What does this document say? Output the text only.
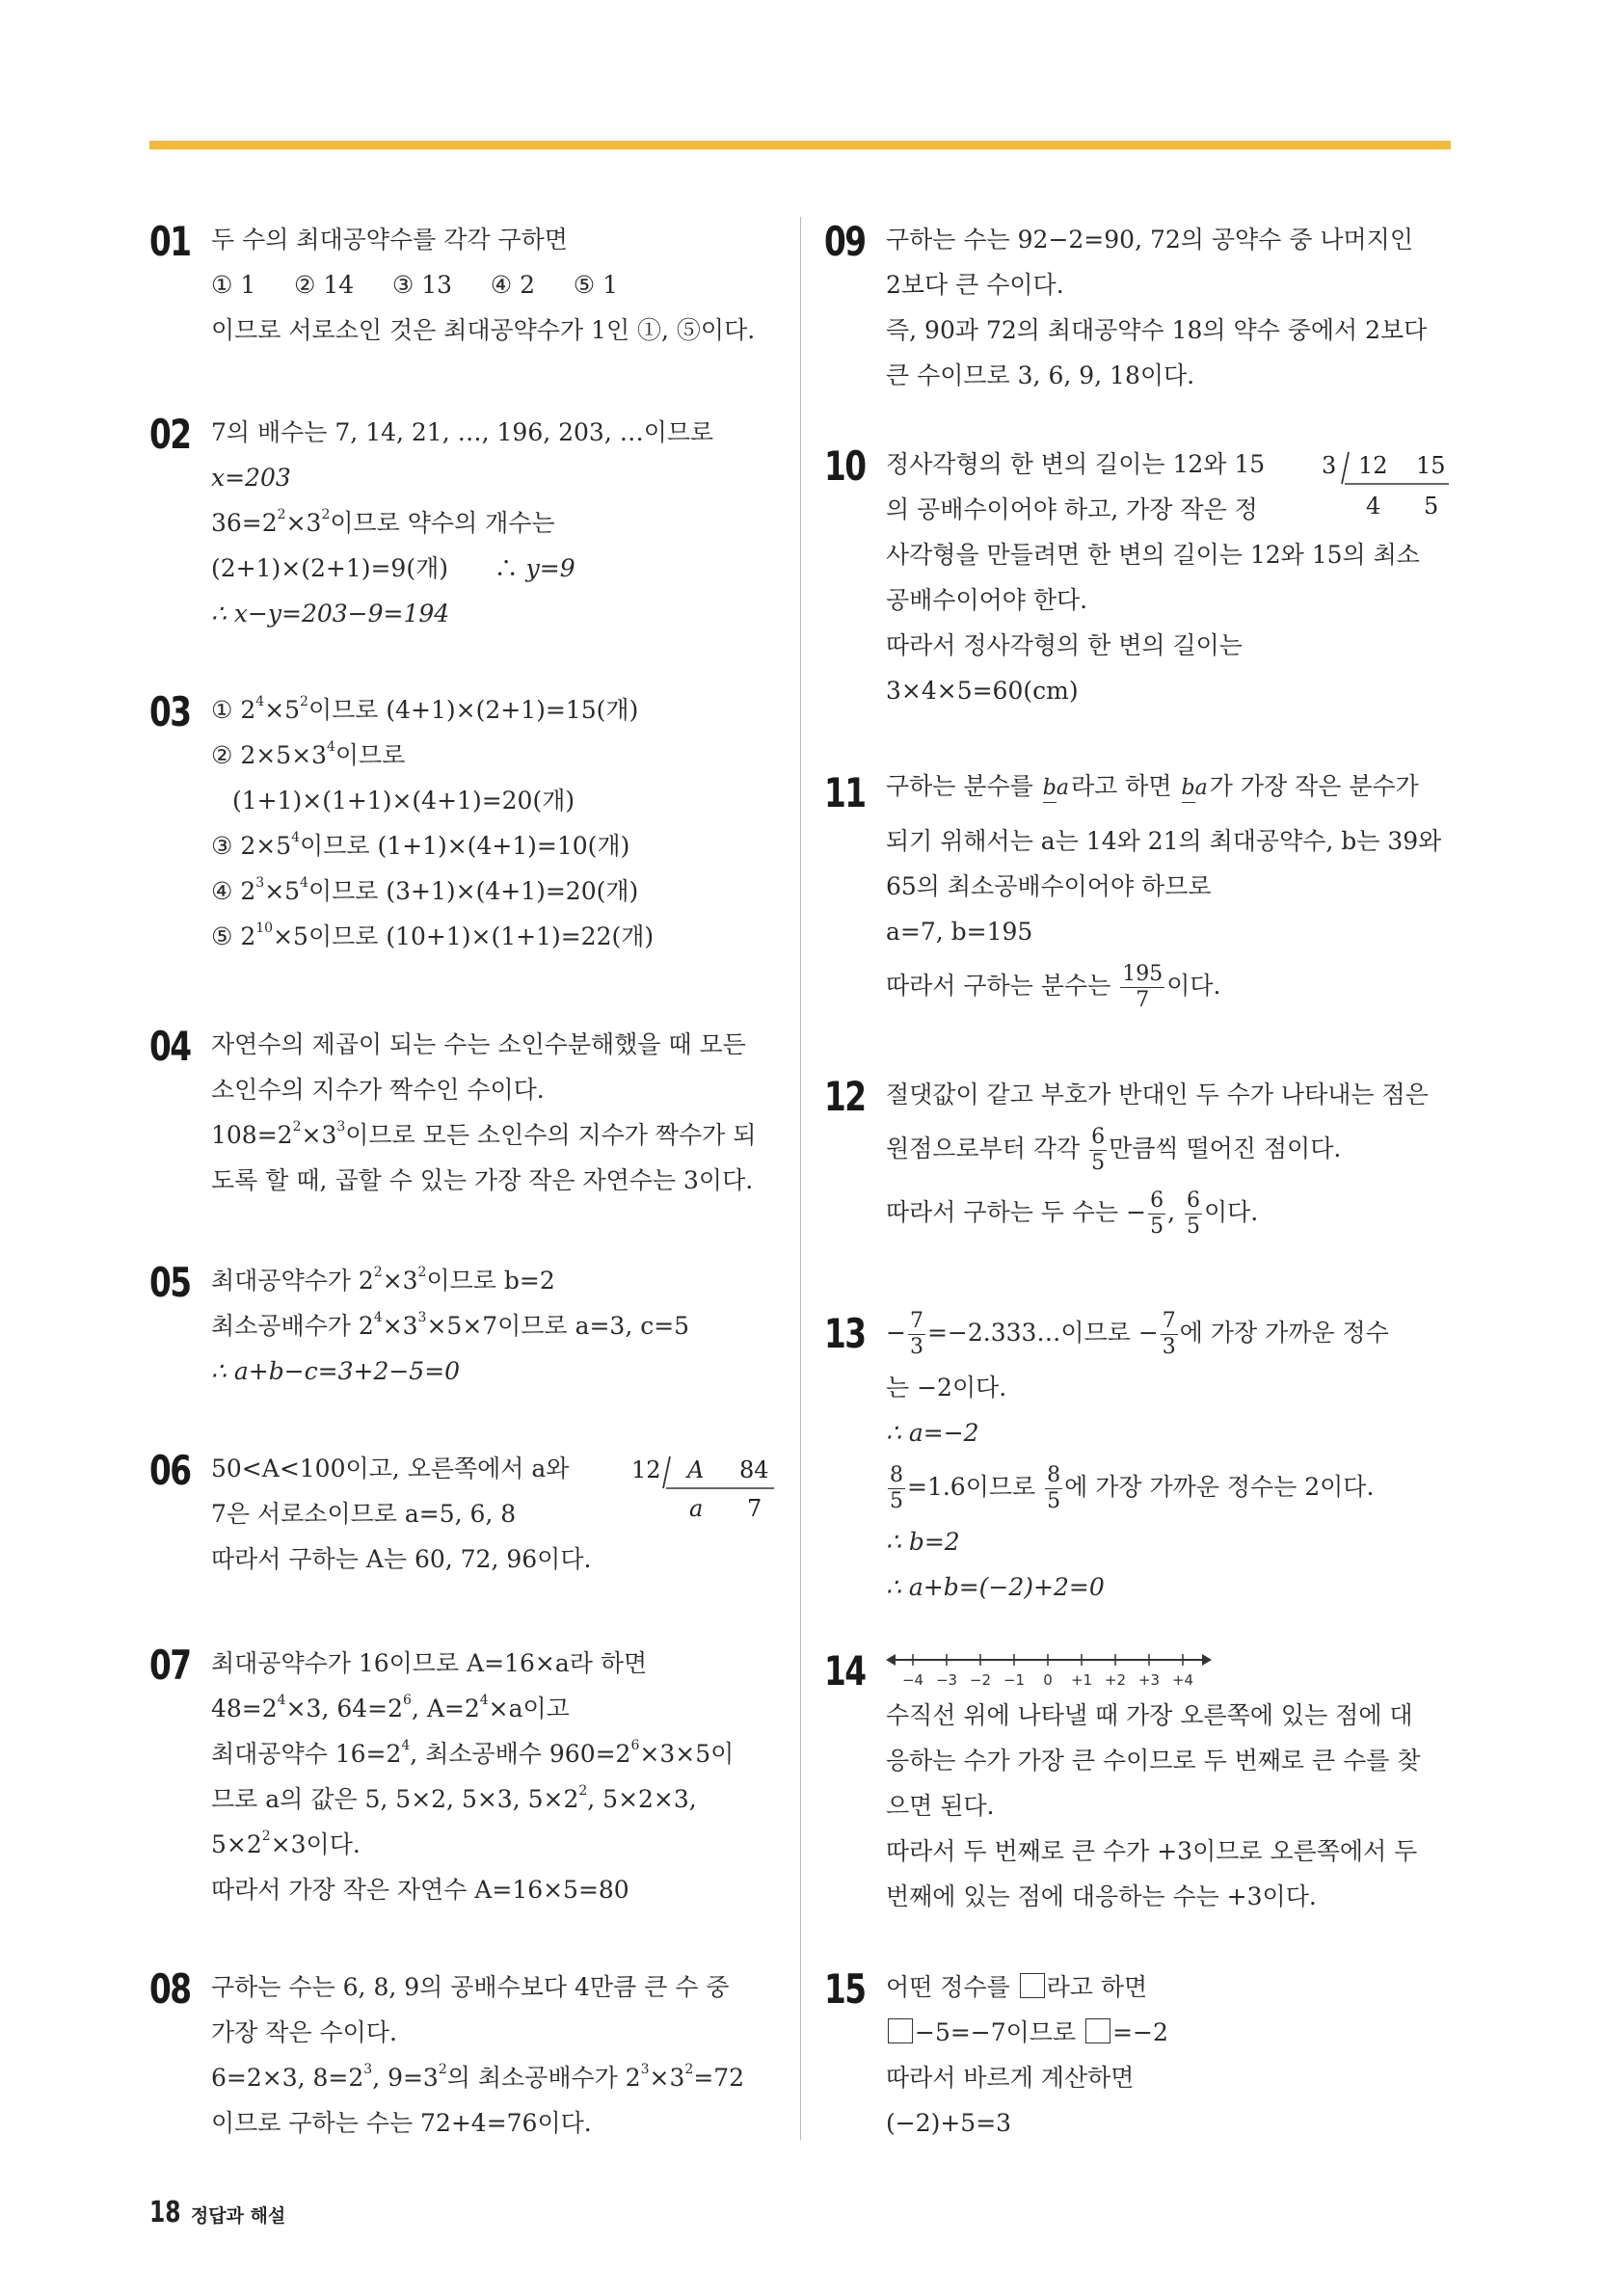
01 두 수의 최대공약수를 각각 구하면
① 1     ② 14     ③ 13     ④ 2     ⑤ 1
이므로 서로소인 것은 최대공약수가 1인 ①, ⑤이다.
02 7의 배수는 7, 14, 21, …, 196, 203, …이므로
x=203
$36=2^2\times 3^2$이므로 약수의 개수는
(2+1)×(2+1)=9(개)      ∴ y=9
∴ x−y=203−9=194
03 ① $2^4\times 5^2$이므로 (4+1)×(2+1)=15(개)
② $2\times 5\times 3^4$이므로
(1+1)×(1+1)×(4+1)=20(개)
③ $2\times 5^4$이므로 (1+1)×(4+1)=10(개)
④ $2^3\times 5^4$이므로 (3+1)×(4+1)=20(개)
⑤ $2^{10}\times 5$이므로 (10+1)×(1+1)=22(개)
04 자연수의 제곱이 되는 수는 소인수분해했을 때 모든
소인수의 지수가 짝수인 수이다.
$108=2^2\times 3^3$이므로 모든 소인수의 지수가 짝수가 되
도록 할 때, 곱할 수 있는 가장 작은 자연수는 3이다.
05 최대공약수가 $2^2\times 3^2$이므로 b=2
최소공배수가 $2^4\times 3^3\times 5\times 7$이므로 a=3, c=5
∴ a+b−c=3+2−5=0
06 50<A<100이고, 오른쪽에서 a와
7은 서로소이므로 a=5, 6, 8
따라서 구하는 A는 60, 72, 96이다.
12 A 84
a 7
07 최대공약수가 16이므로 A=16×a라 하면
$48=2^4\times 3$, $64=2^6$, $A=2^4\times a$이고
최대공약수 $16=2^4$, 최소공배수 $960=2^6\times 3\times 5$이
므로 a의 값은 5, 5×2, 5×3, $5\times 2^2$, 5×2×3,
$5\times 2^2\times 3$이다.
따라서 가장 작은 자연수 A=16×5=80
08 구하는 수는 6, 8, 9의 공배수보다 4만큼 큰 수 중
가장 작은 수이다.
6=2×3, $8=2^3$, $9=3^2$의 최소공배수가 $2^3\times 3^2=72$
이므로 구하는 수는 72+4=76이다.
09 구하는 수는 92−2=90, 72의 공약수 중 나머지인
2보다 큰 수이다.
즉, 90과 72의 최대공약수 18의 약수 중에서 2보다
큰 수이므로 3, 6, 9, 18이다.
10 정사각형의 한 변의 길이는 12와 15
의 공배수이어야 하고, 가장 작은 정
사각형을 만들려면 한 변의 길이는 12와 15의 최소
공배수이어야 한다.
따라서 정사각형의 한 변의 길이는
3×4×5=60(cm)
3 12 15
4 5
11 구하는 분수를 ba라고 하면 ba가 가장 작은 분수가
되기 위해서는 a는 14와 21의 최대공약수, b는 39와
65의 최소공배수이어야 하므로
a=7, b=195
따라서 구하는 분수는 $\frac{195}{7}$ 이다.
12 절댓값이 같고 부호가 반대인 두 수가 나타내는 점은
원점으로부터 각각 $\frac{6}{5}$ 만큼씩 떨어진 점이다.
따라서 구하는 두 수는 − $\frac{6}{5}$ , $\frac{6}{5}$ 이다.
$13 - \frac{7}{3}$ =−2.333…이므로 − $\frac{7}{3}$ 에 가장 가까운 정수
는 −2이다.
∴ a=−2
$\frac{8}{5} =1.6$이므로 $\frac{8}{5}$ 에 가장 가까운 정수는 2이다.
∴ b=2
∴ a+b=(−2)+2=0
14	−4 −3 −2 −1 0 +1 +2 +3 +4
수직선 위에 나타낼 때 가장 오른쪽에 있는 점에 대
응하는 수가 가장 큰 수이므로 두 번째로 큰 수를 찾
으면 된다.
따라서 두 번째로 큰 수가 +3이므로 오른쪽에서 두
번째에 있는 점에 대응하는 수는 +3이다.
15 어떤 정수를 라고 하면
−5=−7이므로 =−2
따라서 바르게 계산하면
(−2)+5=3
18 정답과 해설
